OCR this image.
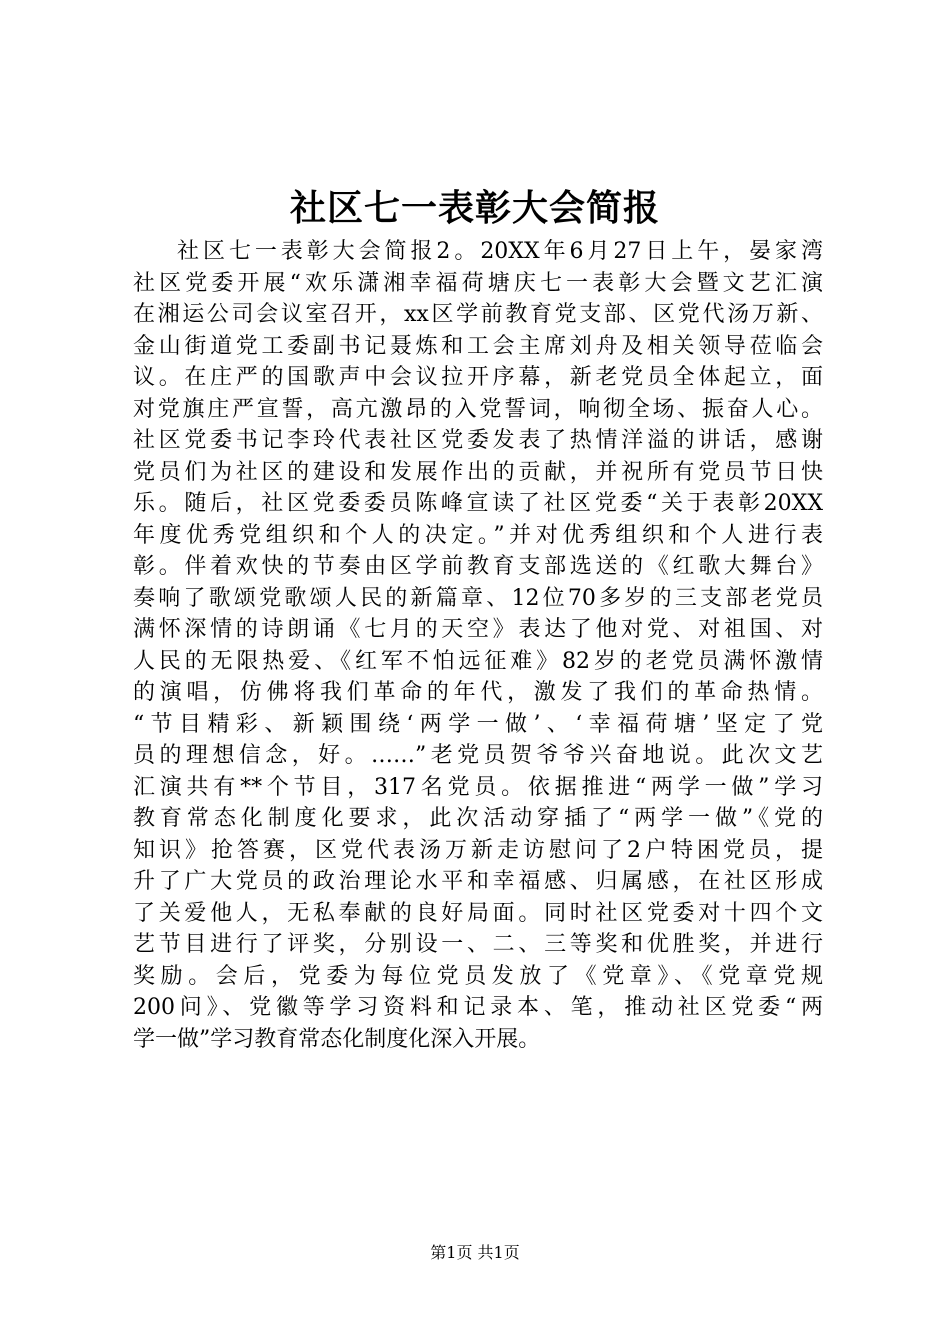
社区七一表彰大会简报
社区七一表彰大会简报2。20XX年6月27日上午，晏家湾
社区党委开展“欢乐潇湘幸福荷塘庆七一表彰大会暨文艺汇演
在湘运公司会议室召开，xx区学前教育党支部、区党代汤万新、
金山街道党工委副书记聂炼和工会主席刘舟及相关领导莅临会
议。在庄严的国歌声中会议拉开序幕，新老党员全体起立，面
对党旗庄严宣誓，高亢激昂的入党誓词，响彻全场、振奋人心。
社区党委书记李玲代表社区党委发表了热情洋溢的讲话，感谢
党员们为社区的建设和发展作出的贡献，并祝所有党员节日快
乐。随后，社区党委委员陈峰宣读了社区党委“关于表彰20XX
年度优秀党组织和个人的决定。”并对优秀组织和个人进行表
彰。伴着欢快的节奏由区学前教育支部选送的《红歌大舞台》
奏响了歌颂党歌颂人民的新篇章、12位70多岁的三支部老党员
满怀深情的诗朗诵《七月的天空》表达了他对党、对祖国、对
人民的无限热爱、《红军不怕远征难》82岁的老党员满怀激情
的演唱，仿佛将我们革命的年代，激发了我们的革命热情。
“节目精彩、新颖围绕‘两学一做’、‘幸福荷塘’坚定了党
员的理想信念，好。……”老党员贺爷爷兴奋地说。此次文艺
汇演共有**个节目，317名党员。依据推进“两学一做”学习
教育常态化制度化要求，此次活动穿插了“两学一做”《党的
知识》抢答赛，区党代表汤万新走访慰问了2户特困党员，提
升了广大党员的政治理论水平和幸福感、归属感，在社区形成
了关爱他人，无私奉献的良好局面。同时社区党委对十四个文
艺节目进行了评奖，分别设一、二、三等奖和优胜奖，并进行
奖励。会后，党委为每位党员发放了《党章》、《党章党规
200问》、党徽等学习资料和记录本、笔，推动社区党委“两
学一做”学习教育常态化制度化深入开展。
第1页 共1页
